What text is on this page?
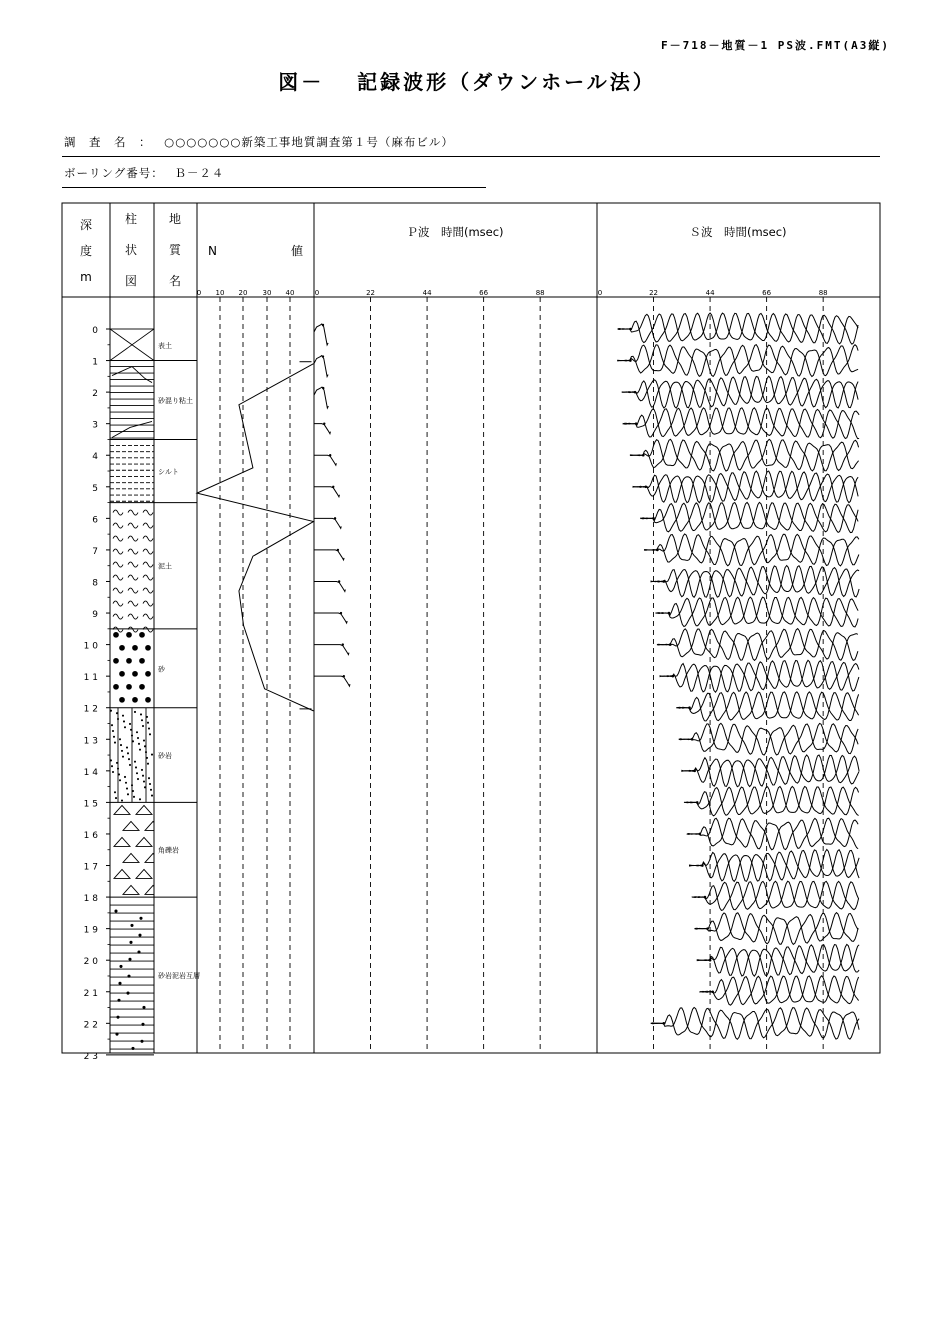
F－718－地質－1 PS波.FMT(A3縦)
図－　 記録波形（ダウンホール法）
調　査　名　： ○○○○○○○新築工事地質調査第１号（麻布ビル）
ボーリング番号： Ｂ－２４
深
度
m
柱
状
図
地
質
名
N	値
Ｐ波　時間(msec)	Ｓ波　時間(msec)
0 10 20 30 40	0	0
22	22
44	44
66	66
88	88
0
1
2
3
4
5
6
7
8
9
1 0
1 1
1 2
1 3
1 4
1 5
1 6
1 7
1 8
1 9
2 0
2 1
2 2
2 3
表土
砂混り粘土
シルト
泥土
砂
砂岩
角礫岩
砂岩泥岩互層
